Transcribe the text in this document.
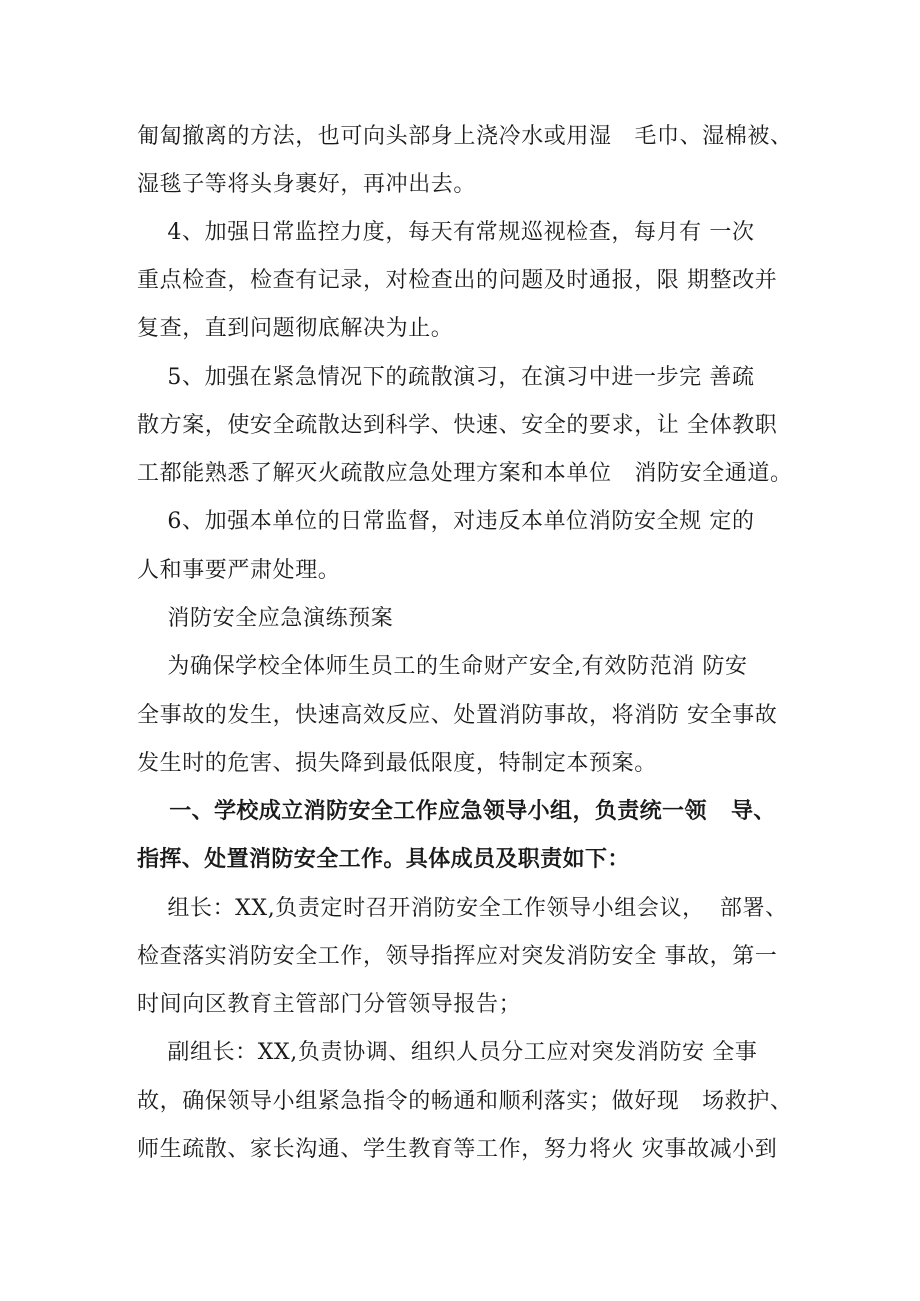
匍匐撤离的方法，也可向头部身上浇冷水或用湿   毛巾、湿棉被、

湿毯子等将头身裹好，再冲出去。

4、加强日常监控力度，每天有常规巡视检查，每月有 一次

重点检查，检查有记录，对检查出的问题及时通报，限 期整改并

复查，直到问题彻底解决为止。

5、加强在紧急情况下的疏散演习，在演习中进一步完 善疏

散方案，使安全疏散达到科学、快速、安全的要求，让 全体教职

工都能熟悉了解灭火疏散应急处理方案和本单位   消防安全通道。

6、加强本单位的日常监督，对违反本单位消防安全规 定的

人和事要严肃处理。

消防安全应急演练预案

为确保学校全体师生员工的生命财产安全,有效防范消 防安

全事故的发生，快速高效反应、处置消防事故，将消防 安全事故

发生时的危害、损失降到最低限度，特制定本预案。

一、学校成立消防安全工作应急领导小组，负责统一领   导、

指挥、处置消防安全工作。具体成员及职责如下：

组长：XX,负责定时召开消防安全工作领导小组会议，  部署、

检查落实消防安全工作，领导指挥应对突发消防安全 事故，第一

时间向区教育主管部门分管领导报告；

副组长：XX,负责协调、组织人员分工应对突发消防安 全事

故，确保领导小组紧急指令的畅通和顺利落实；做好现   场救护、

师生疏散、家长沟通、学生教育等工作，努力将火 灾事故减小到
